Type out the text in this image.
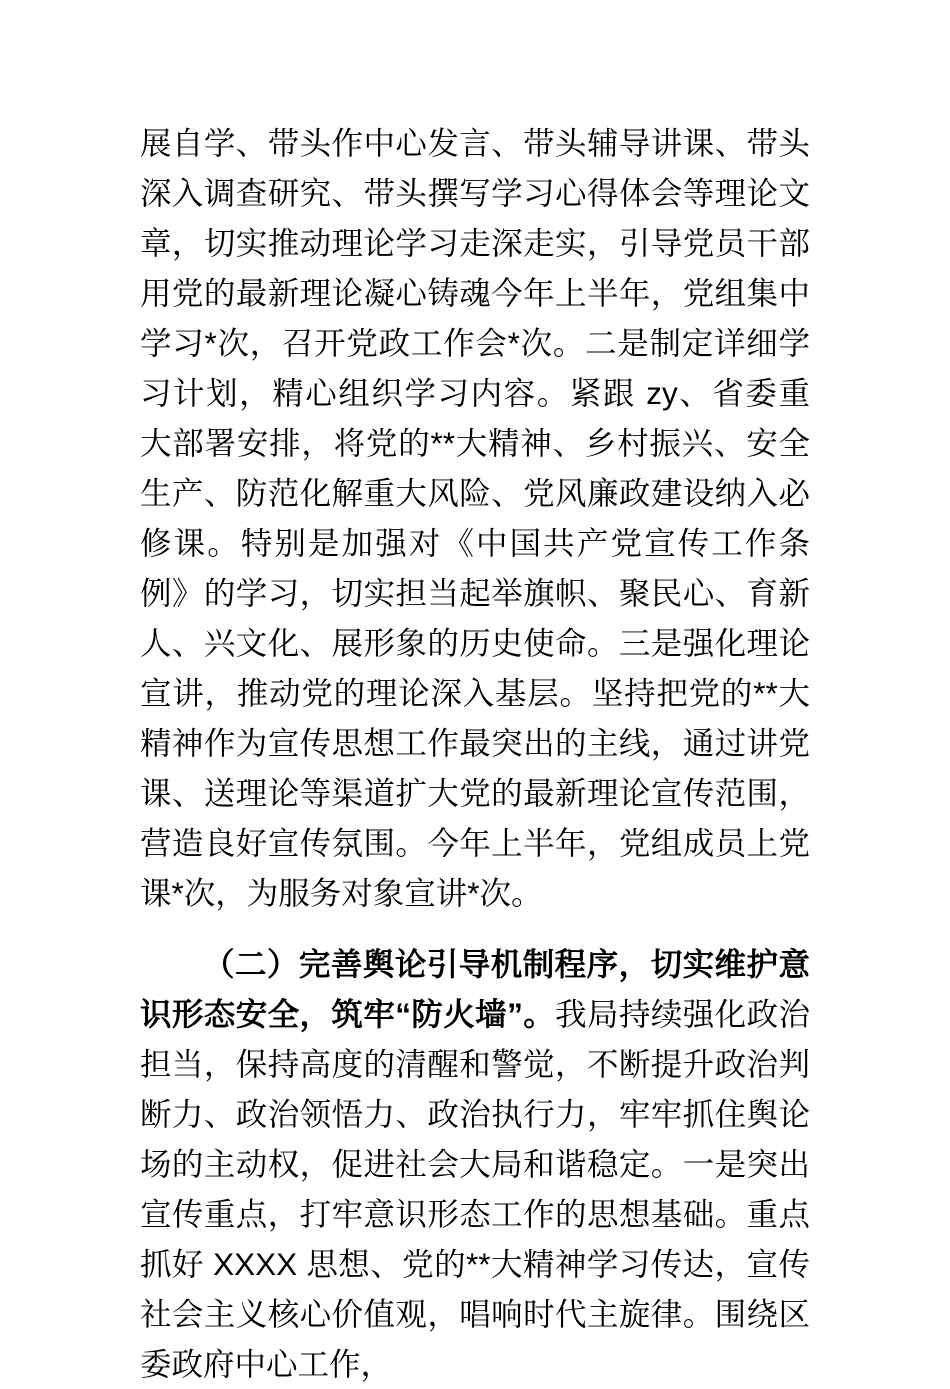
展自学、带头作中心发言、带头辅导讲课、带头深入调查研究、带头撰写学习心得体会等理论文章，切实推动理论学习走深走实，引导党员干部用党的最新理论凝心铸魂今年上半年，党组集中学习*次，召开党政工作会*次。二是制定详细学习计划，精心组织学习内容。紧跟 zy、省委重大部署安排，将党的**大精神、乡村振兴、安全生产、防范化解重大风险、党风廉政建设纳入必修课。特别是加强对《中国共产党宣传工作条例》的学习，切实担当起举旗帜、聚民心、育新人、兴文化、展形象的历史使命。三是强化理论宣讲，推动党的理论深入基层。坚持把党的**大精神作为宣传思想工作最突出的主线，通过讲党课、送理论等渠道扩大党的最新理论宣传范围，营造良好宣传氛围。今年上半年，党组成员上党课*次，为服务对象宣讲*次。

（二）完善舆论引导机制程序，切实维护意识形态安全，筑牢“防火墙”。我局持续强化政治担当，保持高度的清醒和警觉，不断提升政治判断力、政治领悟力、政治执行力，牢牢抓住舆论场的主动权，促进社会大局和谐稳定。一是突出宣传重点，打牢意识形态工作的思想基础。重点抓好 XXXX 思想、党的**大精神学习传达，宣传社会主义核心价值观，唱响时代主旋律。围绕区委政府中心工作，
